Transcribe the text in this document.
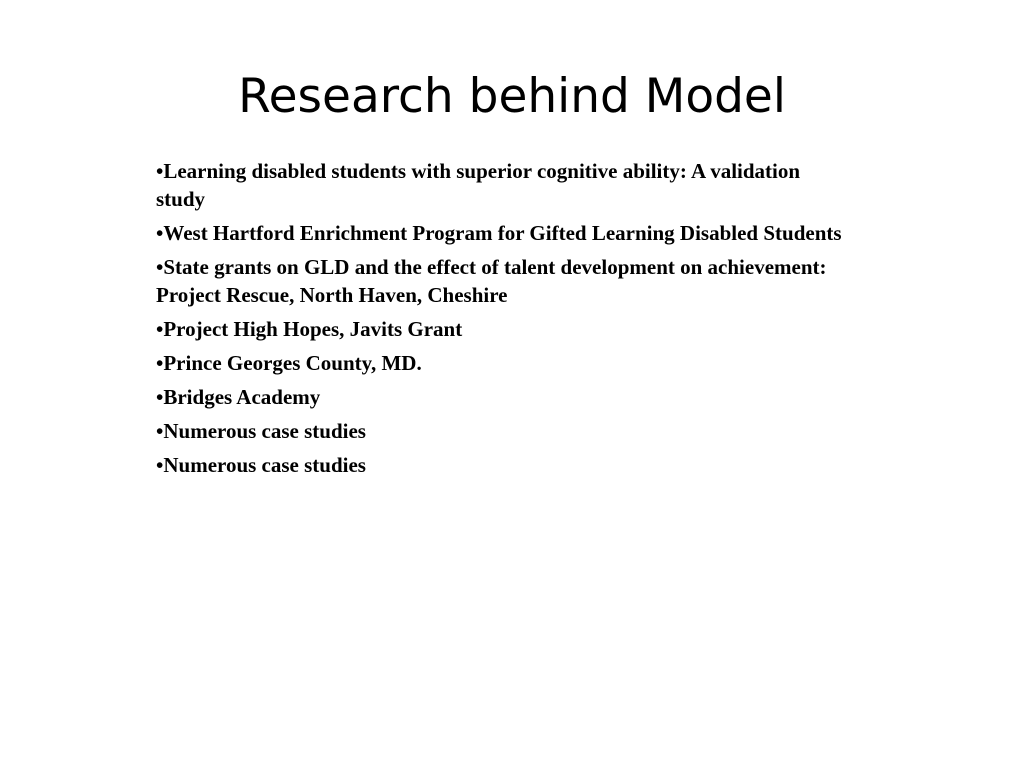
Research behind Model
•Learning disabled students with superior cognitive ability: A validation study
•West Hartford Enrichment Program for Gifted Learning Disabled Students
•State grants on GLD and the effect of talent development on achievement: Project Rescue, North Haven, Cheshire
•Project High Hopes, Javits Grant
•Prince Georges County, MD.
•Bridges Academy
•Numerous case studies
•Numerous case studies
